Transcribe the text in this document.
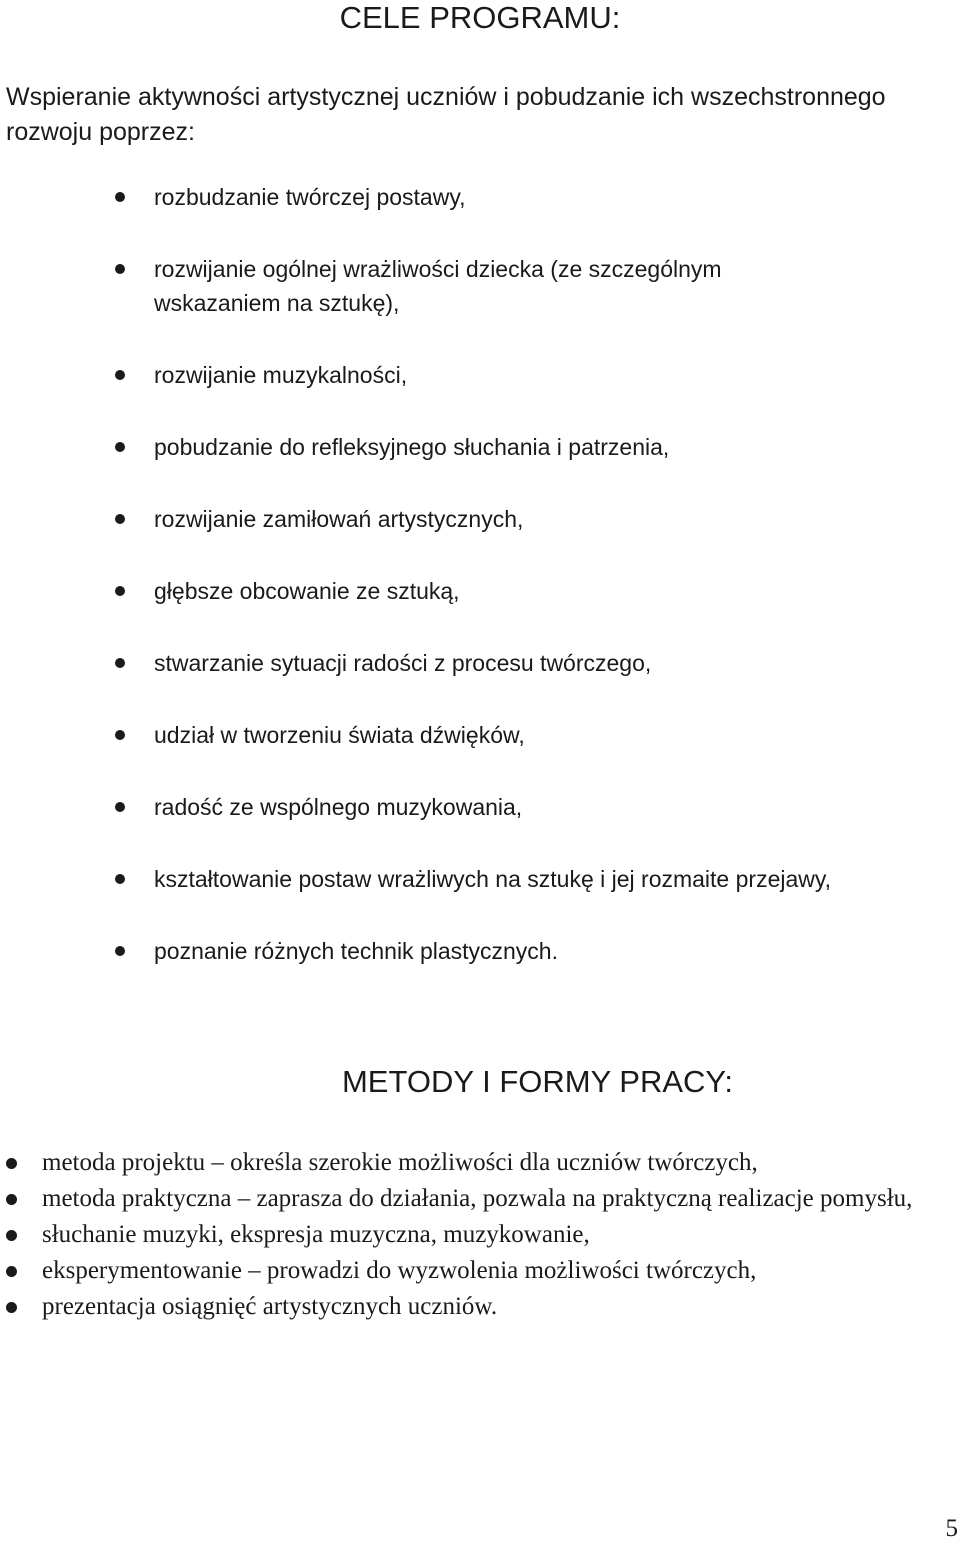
CELE PROGRAMU:

Wspieranie aktywności artystycznej uczniów i pobudzanie ich wszechstronnego rozwoju poprzez:

rozbudzanie twórczej postawy,
rozwijanie ogólnej wrażliwości dziecka (ze szczególnym wskazaniem na sztukę),
rozwijanie muzykalności,
pobudzanie do refleksyjnego słuchania i patrzenia,
rozwijanie zamiłowań artystycznych,
głębsze obcowanie ze sztuką,
stwarzanie sytuacji radości z procesu twórczego,
udział w tworzeniu świata dźwięków,
radość ze wspólnego muzykowania,
kształtowanie postaw wrażliwych na sztukę i jej rozmaite przejawy,
poznanie różnych technik plastycznych.
METODY I FORMY PRACY:
metoda projektu – określa szerokie możliwości dla uczniów twórczych,
metoda praktyczna – zaprasza do działania, pozwala na praktyczną realizacje pomysłu,
słuchanie muzyki, ekspresja muzyczna, muzykowanie,
eksperymentowanie – prowadzi do wyzwolenia możliwości twórczych,
prezentacja osiągnięć artystycznych uczniów.
5
